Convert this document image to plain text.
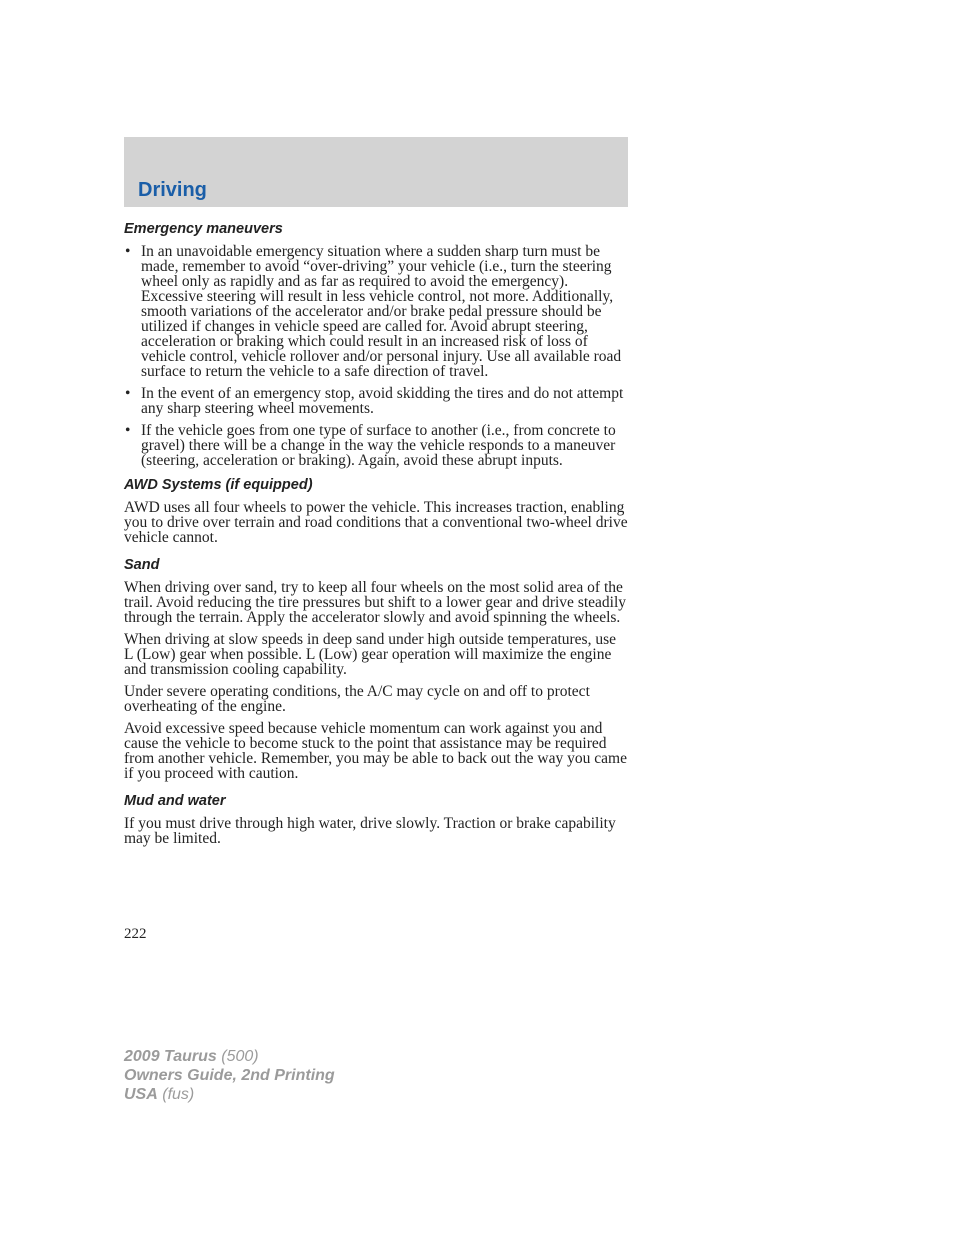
Driving
Emergency maneuvers
• In an unavoidable emergency situation where a sudden sharp turn must be made, remember to avoid “over-driving” your vehicle (i.e., turn the steering wheel only as rapidly and as far as required to avoid the emergency). Excessive steering will result in less vehicle control, not more. Additionally, smooth variations of the accelerator and/or brake pedal pressure should be utilized if changes in vehicle speed are called for. Avoid abrupt steering, acceleration or braking which could result in an increased risk of loss of vehicle control, vehicle rollover and/or personal injury. Use all available road surface to return the vehicle to a safe direction of travel.
• In the event of an emergency stop, avoid skidding the tires and do not attempt any sharp steering wheel movements.
• If the vehicle goes from one type of surface to another (i.e., from concrete to gravel) there will be a change in the way the vehicle responds to a maneuver (steering, acceleration or braking). Again, avoid these abrupt inputs.
AWD Systems (if equipped)

AWD uses all four wheels to power the vehicle. This increases traction, enabling you to drive over terrain and road conditions that a conventional two-wheel drive vehicle cannot.

Sand

When driving over sand, try to keep all four wheels on the most solid area of the trail. Avoid reducing the tire pressures but shift to a lower gear and drive steadily through the terrain. Apply the accelerator slowly and avoid spinning the wheels.

When driving at slow speeds in deep sand under high outside temperatures, use L (Low) gear when possible. L (Low) gear operation will maximize the engine and transmission cooling capability.

Under severe operating conditions, the A/C may cycle on and off to protect overheating of the engine.

Avoid excessive speed because vehicle momentum can work against you and cause the vehicle to become stuck to the point that assistance may be required from another vehicle. Remember, you may be able to back out the way you came if you proceed with caution.

Mud and water

If you must drive through high water, drive slowly. Traction or brake capability may be limited.

222
2009 Taurus (500)
Owners Guide, 2nd Printing
USA (fus)
